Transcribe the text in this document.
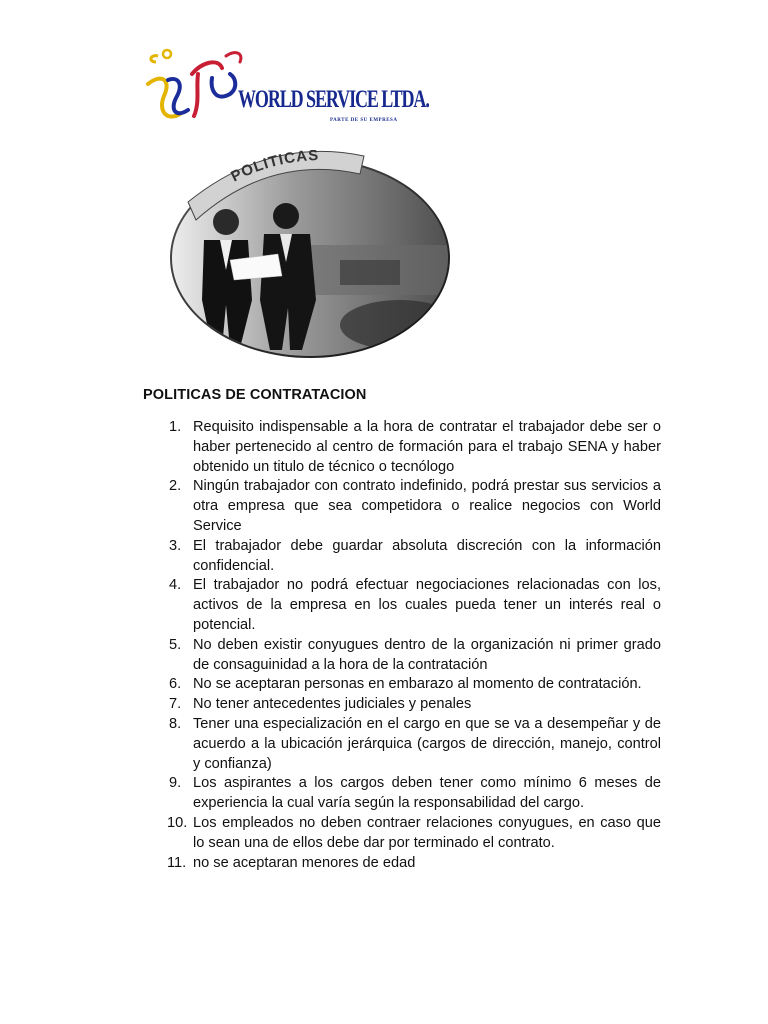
WORLD SERVICE LTDA.
PARTE DE SU EMPRESA
POLITICAS
POLITICAS DE CONTRATACION
1. Requisito indispensable a la hora de contratar el trabajador debe ser o haber pertenecido al centro de formación para el trabajo SENA y haber obtenido un titulo de técnico o tecnólogo
2. Ningún trabajador con contrato indefinido, podrá prestar sus servicios a otra empresa que sea competidora o realice negocios con World Service
3. El trabajador debe guardar absoluta discreción con la información confidencial.
4. El trabajador no podrá efectuar negociaciones relacionadas con los, activos de la empresa en los cuales pueda tener un interés real o potencial.
5. No deben existir conyugues dentro de la organización ni primer grado de consaguinidad a la hora de la contratación
6. No se aceptaran personas en embarazo al momento de contratación.
7. No tener antecedentes judiciales y penales
8. Tener una especialización en el cargo en que se va a desempeñar y de acuerdo a la ubicación jerárquica (cargos de dirección, manejo, control y confianza)
9. Los aspirantes a los cargos deben tener como mínimo 6 meses de experiencia la cual varía según la responsabilidad del cargo.
10. Los empleados no deben contraer relaciones conyugues, en caso que lo sean una de ellos debe dar por terminado el contrato.
11. no se aceptaran menores de edad
